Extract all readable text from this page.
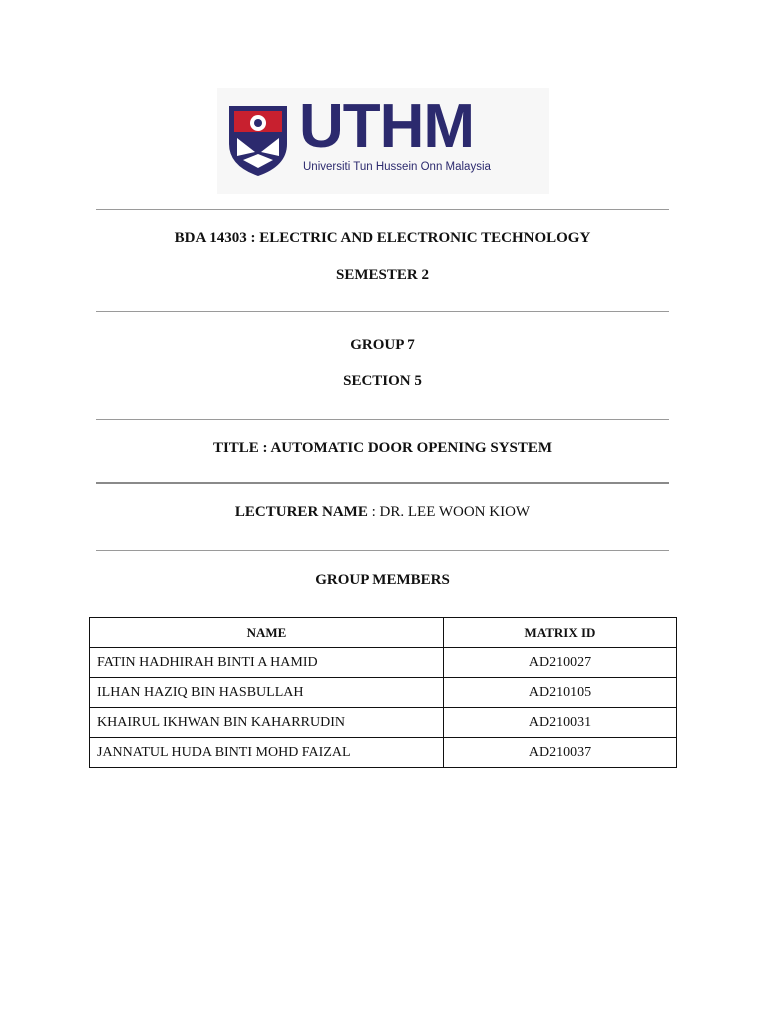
UTHM
Universiti Tun Hussein Onn Malaysia
BDA 14303 : ELECTRIC AND ELECTRONIC TECHNOLOGY
SEMESTER 2
GROUP 7
SECTION 5
TITLE : AUTOMATIC DOOR OPENING SYSTEM
LECTURER NAME : DR. LEE WOON KIOW
GROUP MEMBERS
NAME	MATRIX ID
FATIN HADHIRAH BINTI A HAMID	AD210027
ILHAN HAZIQ BIN HASBULLAH	AD210105
KHAIRUL IKHWAN BIN KAHARRUDIN	AD210031
JANNATUL HUDA BINTI MOHD FAIZAL	AD210037
